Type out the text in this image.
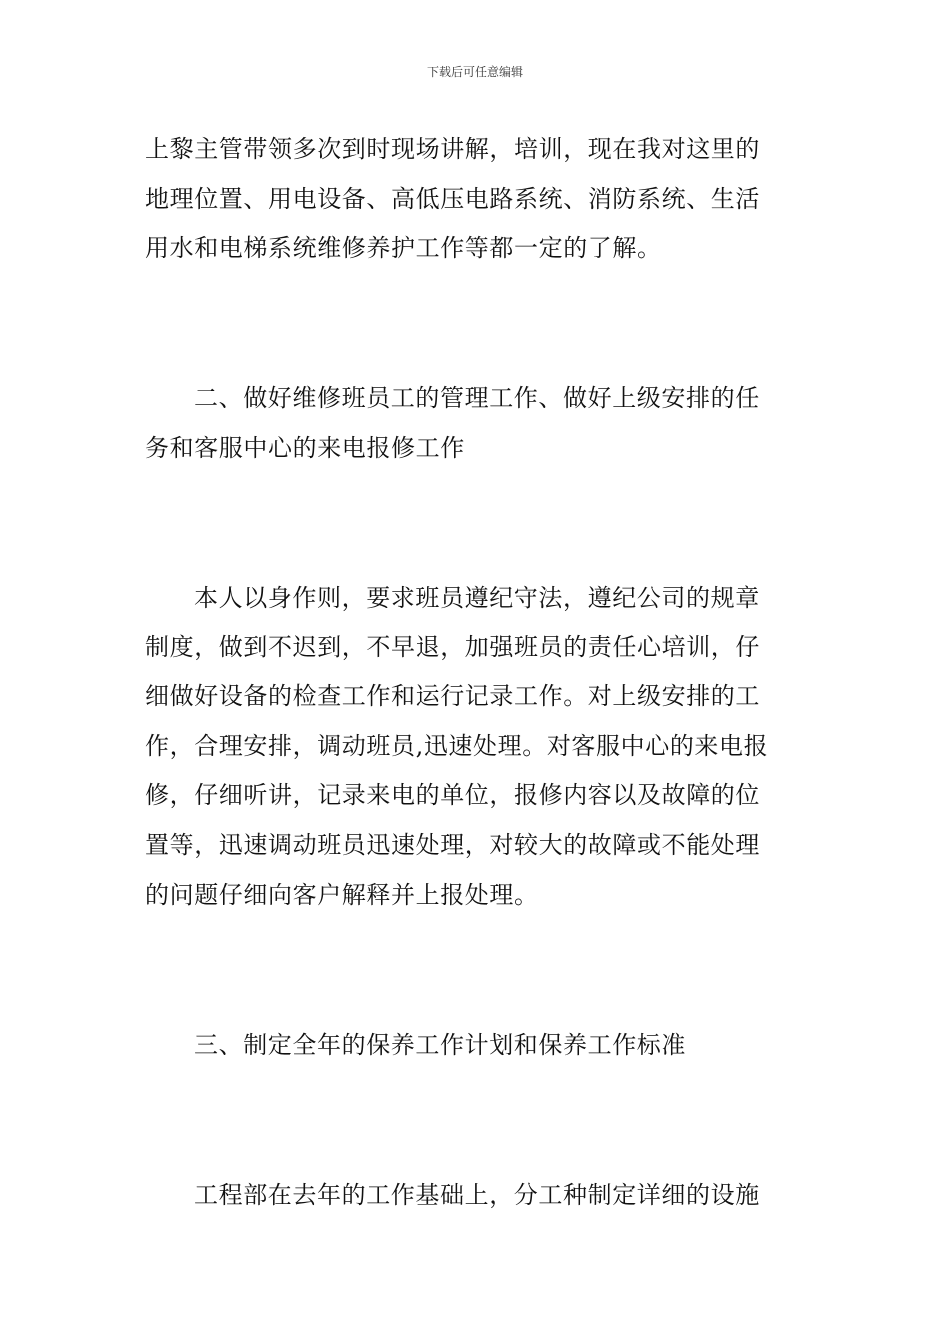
下载后可任意编辑
上黎主管带领多次到时现场讲解，培训，现在我对这里的
地理位置、用电设备、高低压电路系统、消防系统、生活
用水和电梯系统维修养护工作等都一定的了解。
二、做好维修班员工的管理工作、做好上级安排的任
务和客服中心的来电报修工作
本人以身作则，要求班员遵纪守法，遵纪公司的规章
制度，做到不迟到，不早退，加强班员的责任心培训，仔
细做好设备的检查工作和运行记录工作。对上级安排的工
作，合理安排，调动班员,迅速处理。对客服中心的来电报
修，仔细听讲，记录来电的单位，报修内容以及故障的位
置等，迅速调动班员迅速处理，对较大的故障或不能处理
的问题仔细向客户解释并上报处理。
三、制定全年的保养工作计划和保养工作标准
工程部在去年的工作基础上，分工种制定详细的设施
